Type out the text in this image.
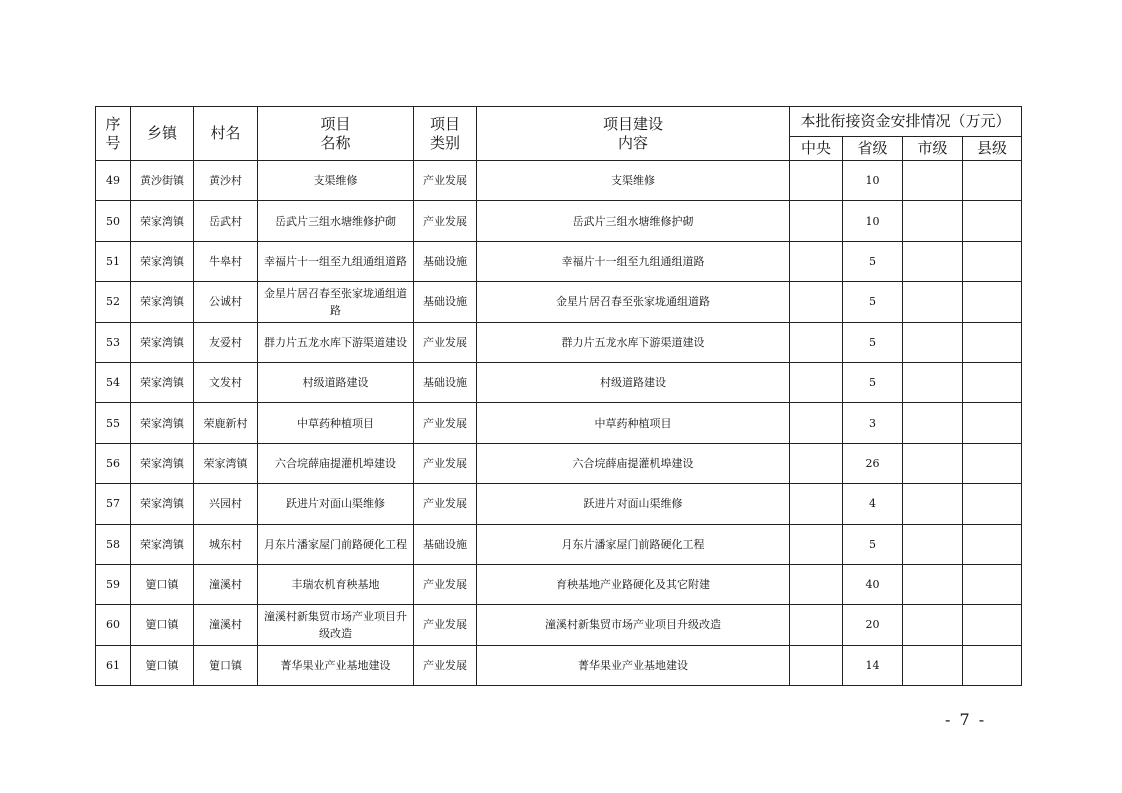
序号	乡镇	村名	项目名称	项目类别	项目建设内容	本批衔接资金安排情况（万元）			
						中央	省级	市级	县级
49	黄沙街镇	黄沙村	支渠维修	产业发展	支渠维修		10		
50	荣家湾镇	岳武村	岳武片三组水塘维修护砌	产业发展	岳武片三组水塘维修护砌		10		
51	荣家湾镇	牛皋村	幸福片十一组至九组通组道路	基础设施	幸福片十一组至九组通组道路		5		
52	荣家湾镇	公诚村	金星片居召春至张家垅通组道路	基础设施	金星片居召春至张家垅通组道路		5		
53	荣家湾镇	友爱村	群力片五龙水库下游渠道建设	产业发展	群力片五龙水库下游渠道建设		5		
54	荣家湾镇	文发村	村级道路建设	基础设施	村级道路建设		5		
55	荣家湾镇	荣鹿新村	中草药种植项目	产业发展	中草药种植项目		3		
56	荣家湾镇	荣家湾镇	六合垸薛庙提灌机埠建设	产业发展	六合垸薛庙提灌机埠建设		26		
57	荣家湾镇	兴园村	跃进片对面山渠维修	产业发展	跃进片对面山渠维修		4		
58	荣家湾镇	城东村	月东片潘家屋门前路硬化工程	基础设施	月东片潘家屋门前路硬化工程		5		
59	筻口镇	潼溪村	丰瑞农机育秧基地	产业发展	育秧基地产业路硬化及其它附建		40		
60	筻口镇	潼溪村	潼溪村新集贸市场产业项目升级改造	产业发展	潼溪村新集贸市场产业项目升级改造		20		
61	筻口镇	筻口镇	菁华果业产业基地建设	产业发展	菁华果业产业基地建设		14		
- 7 -
